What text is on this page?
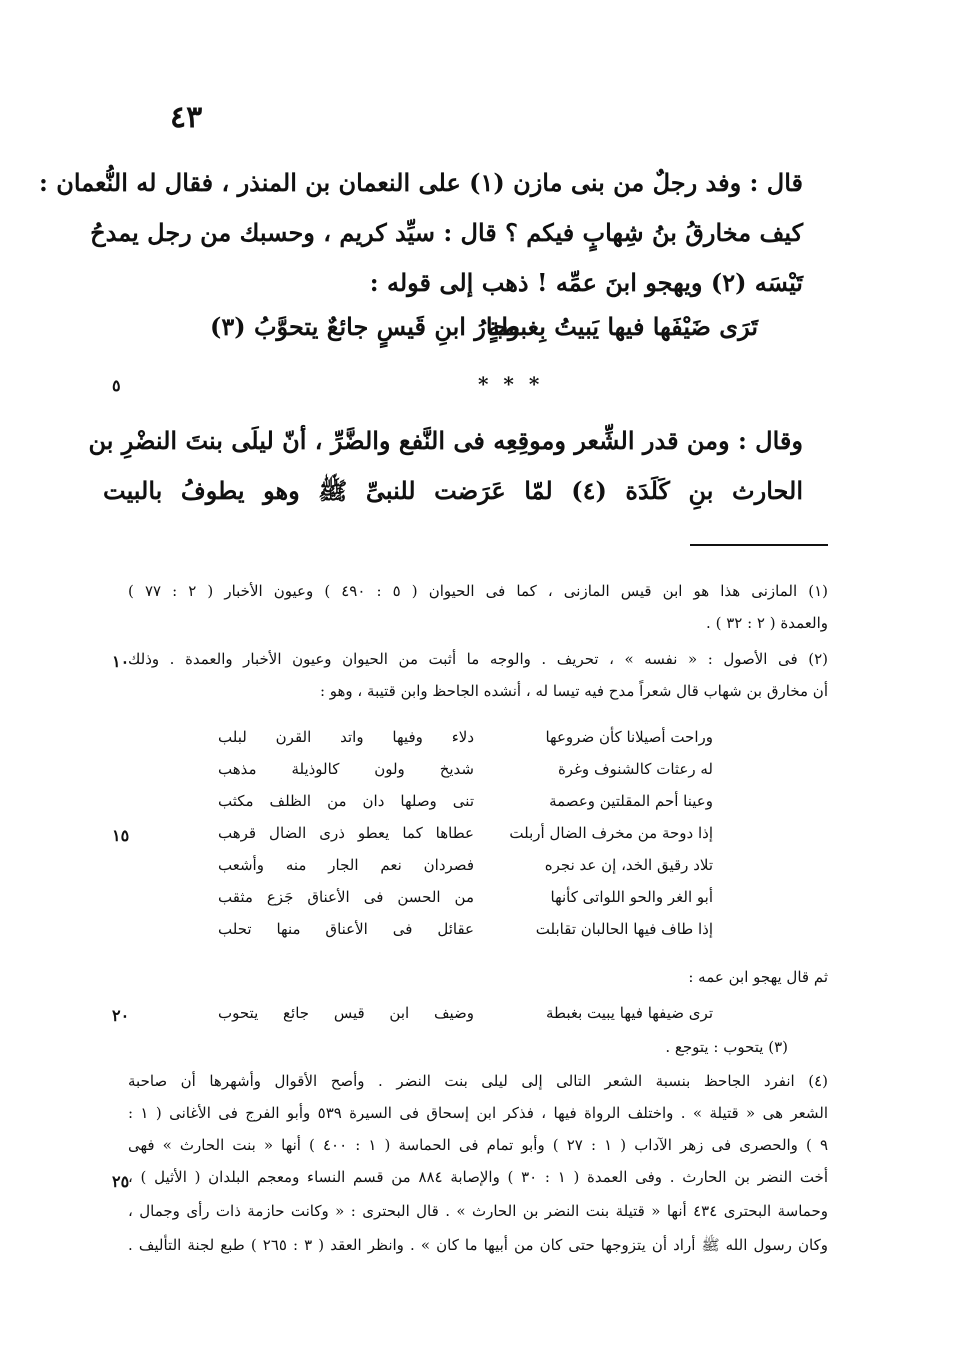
٤٣
قال : وفد رجلٌ من بنى مازن (١) على النعمان بن المنذر ، فقال له النُّعمان :
كيف مخارقُ بنُ شِهابٍ فيكم ؟ قال : سيِّد كريم ، وحسبك من رجل يمدحُ
تَيْسَه (٢) ويهجو ابنَ عمِّه ! ذهب إلى قوله :
تَرَى ضَيْفَها فيها يَبيتُ بِغبطةٍ
وجارُ ابنِ قَيسٍ جائعٌ يتحوَّبُ (٣)
* * *
٥
وقال : ومن قدر الشِّعر وموقِعِه فى النَّفع والضَّرِّ ، أنّ ليلَى بنتَ النضْرِ بن
الحارث بنِ كَلَدَة (٤) لمّا عَرَضت للنبىِّ ﷺ وهو يطوفُ بالبيت
(١) المازنى هذا هو ابن قيس المازنى ، كما فى الحيوان ( ٥ : ٤٩٠ ) وعيون الأخبار ( ٢ : ٧٧ )
والعمدة ( ٢ : ٣٢ ) .
(٢) فى الأصول : « نفسه » ، تحريف . والوجه ما أثبت من الحيوان وعيون الأخبار والعمدة . وذلك
١٠
أن مخارق بن شهاب قال شعراً مدح فيه تيسا له ، أنشده الجاحظ وابن قتيبة ، وهو :
وراحت أصيلانا كأن ضروعها
دلاء وفيها واتد القرن لبلب
له رعثات كالشنوف وغرة
شديخ ولون كالوذيلة مذهب
وعينا أحم المقلتين وعصمة
تنى وصلها دان من الظلف مكثب
إذا دوحة من مخرف الضال أربلت
عطاها كما يعطو ذرى الضال قرهب
١٥
تلاد رقيق الخد، إن عد نجره
فصردان نعم الجار منه وأشعب
أبو الغر والحو اللواتى كأنها
من الحسن فى الأعناق جَزع مثقب
إذا طاف فيها الحالبان تقابلت
عقائل فى الأعناق منها تحلب
ثم قال يهجو ابن عمه :
ترى ضيفها فيها يبيت بغبطة
وضيف ابن قيس جائع يتحوب
٢٠
(٣) يتحوب : يتوجع .
(٤) انفرد الجاحظ بنسبة الشعر التالى إلى ليلى بنت النضر . وأصح الأقوال وأشهرها أن صاحبة
الشعر هى « قتيلة » . واختلف الرواة فيها ، فذكر ابن إسحاق فى السيرة ٥٣٩ وأبو الفرج فى الأغانى ( ١ :
٩ ) والحصرى فى زهر الآداب ( ١ : ٢٧ ) وأبو تمام فى الحماسة ( ١ : ٤٠٠ ) أنها « بنت الحارث » فهى
أخت النضر بن الحارث . وفى العمدة ( ١ : ٣٠ ) والإصابة ٨٨٤ من قسم النساء ومعجم البلدان ( الأثيل ) ،
٢٥
وحماسة البحترى ٤٣٤ أنها « قتيلة بنت النضر بن الحارث » . قال البحترى : « وكانت حازمة ذات رأى وجمال ،
وكان رسول الله ﷺ أراد أن يتزوجها حتى كان من أبيها ما كان » . وانظر العقد ( ٣ : ٢٦٥ ) طبع لجنة التأليف .
